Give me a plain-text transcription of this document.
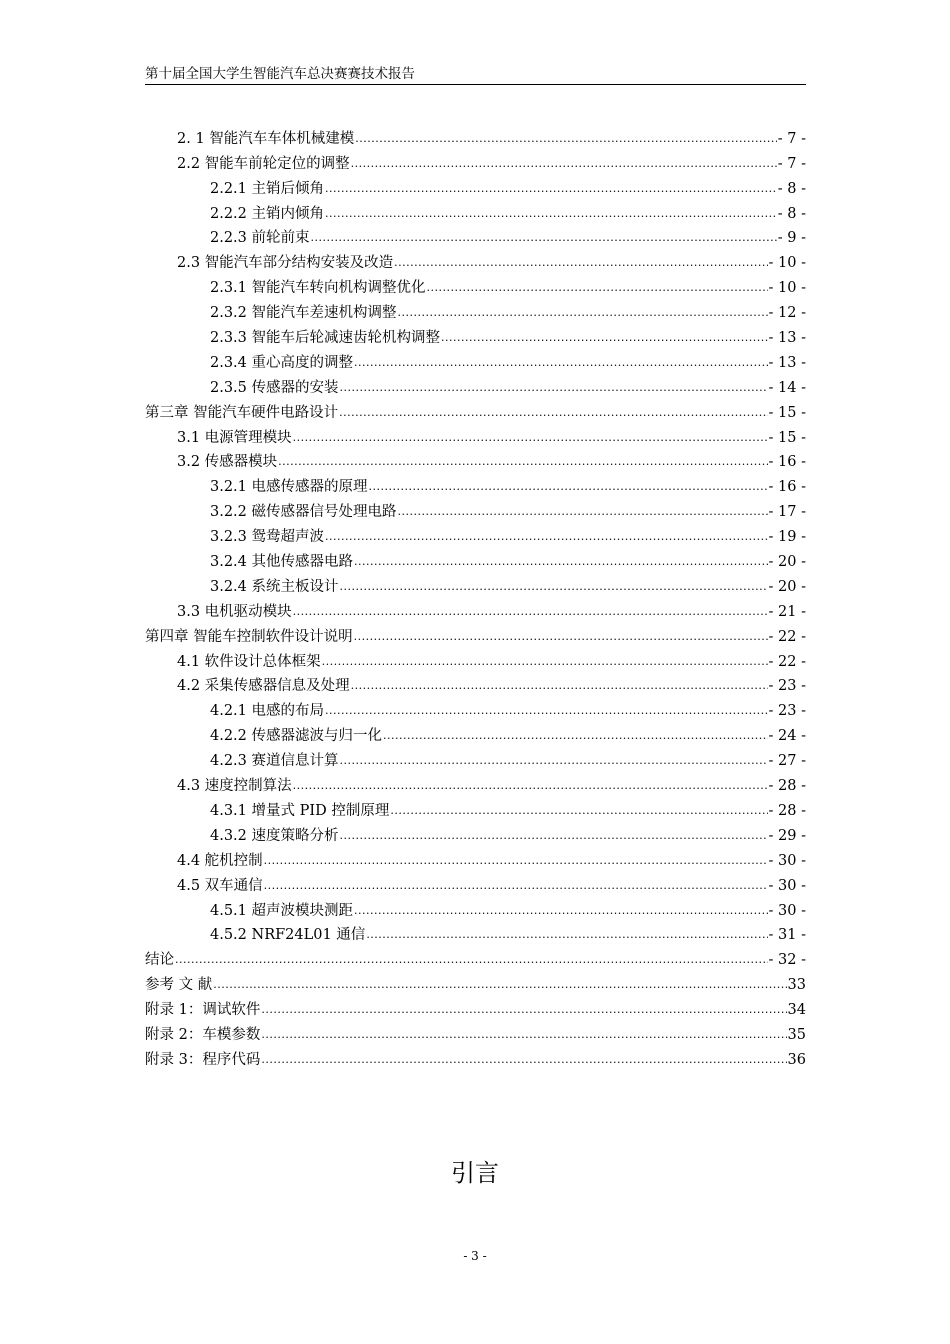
第十届全国大学生智能汽车总决赛赛技术报告
2. 1 智能汽车车体机械建模 .....	- 7 -
2.2 智能车前轮定位的调整 .....	- 7 -
2.2.1 主销后倾角 .....	- 8 -
2.2.2 主销内倾角 .....	- 8 -
2.2.3 前轮前束 .....	- 9 -
2.3 智能汽车部分结构安装及改造 .....	- 10 -
2.3.1 智能汽车转向机构调整优化 .....	- 10 -
2.3.2 智能汽车差速机构调整 .....	- 12 -
2.3.3 智能车后轮减速齿轮机构调整 .....	- 13 -
2.3.4 重心高度的调整 .....	- 13 -
2.3.5 传感器的安装 .....	- 14 -
第三章 智能汽车硬件电路设计 .....	- 15 -
3.1 电源管理模块 .....	- 15 -
3.2 传感器模块 .....	- 16 -
3.2.1 电感传感器的原理 .....	- 16 -
3.2.2 磁传感器信号处理电路 .....	- 17 -
3.2.3 鸳鸯超声波 .....	- 19 -
3.2.4 其他传感器电路 .....	- 20 -
3.2.4 系统主板设计 .....	- 20 -
3.3 电机驱动模块 .....	- 21 -
第四章 智能车控制软件设计说明 .....	- 22 -
4.1 软件设计总体框架 .....	- 22 -
4.2 采集传感器信息及处理 .....	- 23 -
4.2.1 电感的布局 .....	- 23 -
4.2.2 传感器滤波与归一化 .....	- 24 -
4.2.3 赛道信息计算 .....	- 27 -
4.3 速度控制算法 .....	- 28 -
4.3.1 增量式 PID 控制原理 .....	- 28 -
4.3.2 速度策略分析 .....	- 29 -
4.4 舵机控制 .....	- 30 -
4.5 双车通信 .....	- 30 -
4.5.1 超声波模块测距 .....	- 30 -
4.5.2 NRF24L01 通信 .....	- 31 -
结论 .....	- 32 -
参考 文 献 .....	33
附录 1：调试软件 .....	34
附录 2：车模参数 .....	35
附录 3：程序代码 .....	36
引言
- 3 -
